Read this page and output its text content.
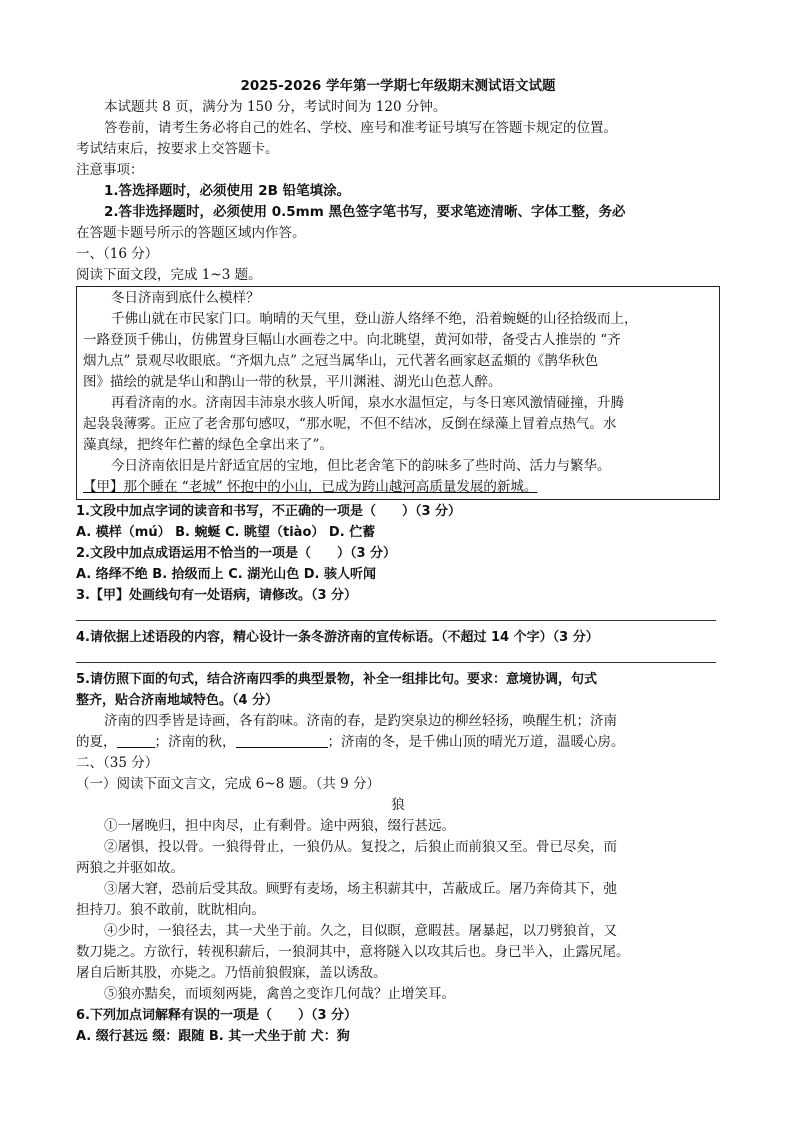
2025-2026 学年第一学期七年级期末测试语文试题
本试题共 8 页，满分为 150 分，考试时间为 120 分钟。
答卷前，请考生务必将自己的姓名、学校、座号和准考证号填写在答题卡规定的位置。
考试结束后，按要求上交答题卡。
注意事项：
1.答选择题时，必须使用 2B 铅笔填涂。
2.答非选择题时，必须使用 0.5mm 黑色签字笔书写，要求笔迹清晰、字体工整，务必
在答题卡题号所示的答题区域内作答。
一、（16 分）
阅读下面文段，完成 1~3 题。
冬日济南到底什么模样？
千佛山就在市民家门口。晌晴的天气里，登山游人络绎不绝，沿着蜿蜒的山径拾级而上，
一路登顶千佛山，仿佛置身巨幅山水画卷之中。向北眺望，黄河如带，备受古人推崇的 “齐
烟九点” 景观尽收眼底。“齐烟九点” 之冠当属华山，元代著名画家赵孟頫的《鹊华秋色
图》描绘的就是华山和鹊山一带的秋景，平川渊溎、湖光山色惹人醉。
再看济南的水。济南因丰沛泉水骇人听闻，泉水水温恒定，与冬日寒风激情碰撞，升腾
起袅袅薄雾。正应了老舍那句感叹，“那水呢，不但不结冰，反倒在绿藻上冒着点热气。水
藻真绿，把终年伫蓄的绿色全拿出来了”。
今日济南依旧是片舒适宜居的宝地，但比老舍笔下的韵味多了些时尚、活力与繁华。
【甲】那个睡在 “老城” 怀抱中的小山，已成为跨山越河高质量发展的新城。
1.文段中加点字词的读音和书写，不正确的一项是（　　）（3 分）
A. 模样（mú） B. 蜿蜒 C. 眺望（tiào） D. 伫蓄
2.文段中加点成语运用不恰当的一项是（　　）（3 分）
A. 络绎不绝 B. 拾级而上 C. 湖光山色 D. 骇人听闻
3.【甲】处画线句有一处语病，请修改。（3 分）
4.请依据上述语段的内容，精心设计一条冬游济南的宣传标语。（不超过 14 个字）（3 分）
5.请仿照下面的句式，结合济南四季的典型景物，补全一组排比句。要求：意境协调，句式
整齐，贴合济南地域特色。（4 分）
济南的四季皆是诗画，各有韵味。济南的春，是趵突泉边的柳丝轻扬，唤醒生机；济南
的夏，	；济南的秋，	；济南的冬，是千佛山顶的晴光万道，温暖心房。
二、（35 分）
（一）阅读下面文言文，完成 6~8 题。（共 9 分）
狼
①一屠晚归，担中肉尽，止有剩骨。途中两狼，缀行甚远。
②屠惧，投以骨。一狼得骨止，一狼仍从。复投之，后狼止而前狼又至。骨已尽矣，而
两狼之并驱如故。
③屠大窘，恐前后受其敌。顾野有麦场，场主积薪其中，苫蔽成丘。屠乃奔倚其下，弛
担持刀。狼不敢前，眈眈相向。
④少时，一狼径去，其一犬坐于前。久之，目似瞑，意暇甚。屠暴起，以刀劈狼首，又
数刀毙之。方欲行，转视积薪后，一狼洞其中，意将隧入以攻其后也。身已半入，止露尻尾。
屠自后断其股，亦毙之。乃悟前狼假寐，盖以诱敌。
⑤狼亦黠矣，而顷刻两毙，禽兽之变诈几何哉？止增笑耳。
6.下列加点词解释有误的一项是（　　）（3 分）
A. 缀行甚远 缀：跟随 B. 其一犬坐于前 犬：狗
